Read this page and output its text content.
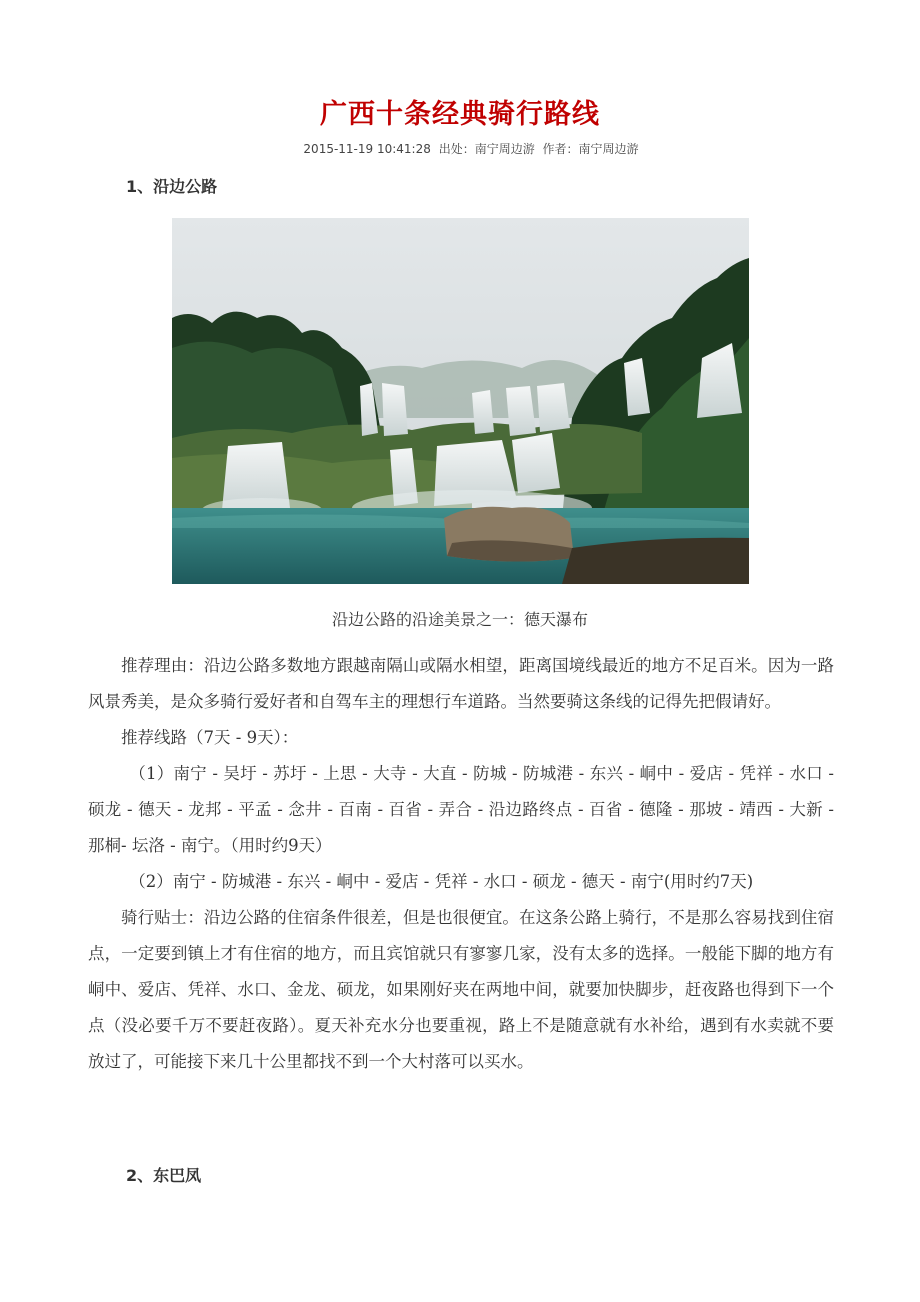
广西十条经典骑行路线
2015-11-19 10:41:28 出处：南宁周边游 作者：南宁周边游
1、沿边公路
沿边公路的沿途美景之一：德天瀑布

推荐理由：沿边公路多数地方跟越南隔山或隔水相望，距离国境线最近的地方不足百米。因为一路风景秀美，是众多骑行爱好者和自驾车主的理想行车道路。当然要骑这条线的记得先把假请好。

推荐线路（7天 - 9天）：

（1）南宁 - 吴圩 - 苏圩 - 上思 - 大寺 - 大直 - 防城 - 防城港 - 东兴 - 峒中 - 爱店 - 凭祥 - 水口 - 硕龙 - 德天 - 龙邦 - 平孟 - 念井 - 百南 - 百省 - 弄合 - 沿边路终点 - 百省 - 德隆 - 那坡 - 靖西 - 大新 - 那桐- 坛洛 - 南宁。（用时约9天）

（2）南宁 - 防城港 - 东兴 - 峒中 - 爱店 - 凭祥 - 水口 - 硕龙 - 德天 - 南宁(用时约7天)

骑行贴士：沿边公路的住宿条件很差，但是也很便宜。在这条公路上骑行，不是那么容易找到住宿点，一定要到镇上才有住宿的地方，而且宾馆就只有寥寥几家，没有太多的选择。一般能下脚的地方有峒中、爱店、凭祥、水口、金龙、硕龙，如果刚好夹在两地中间，就要加快脚步，赶夜路也得到下一个点（没必要千万不要赶夜路）。夏天补充水分也要重视，路上不是随意就有水补给，遇到有水卖就不要放过了，可能接下来几十公里都找不到一个大村落可以买水。

2、东巴凤
